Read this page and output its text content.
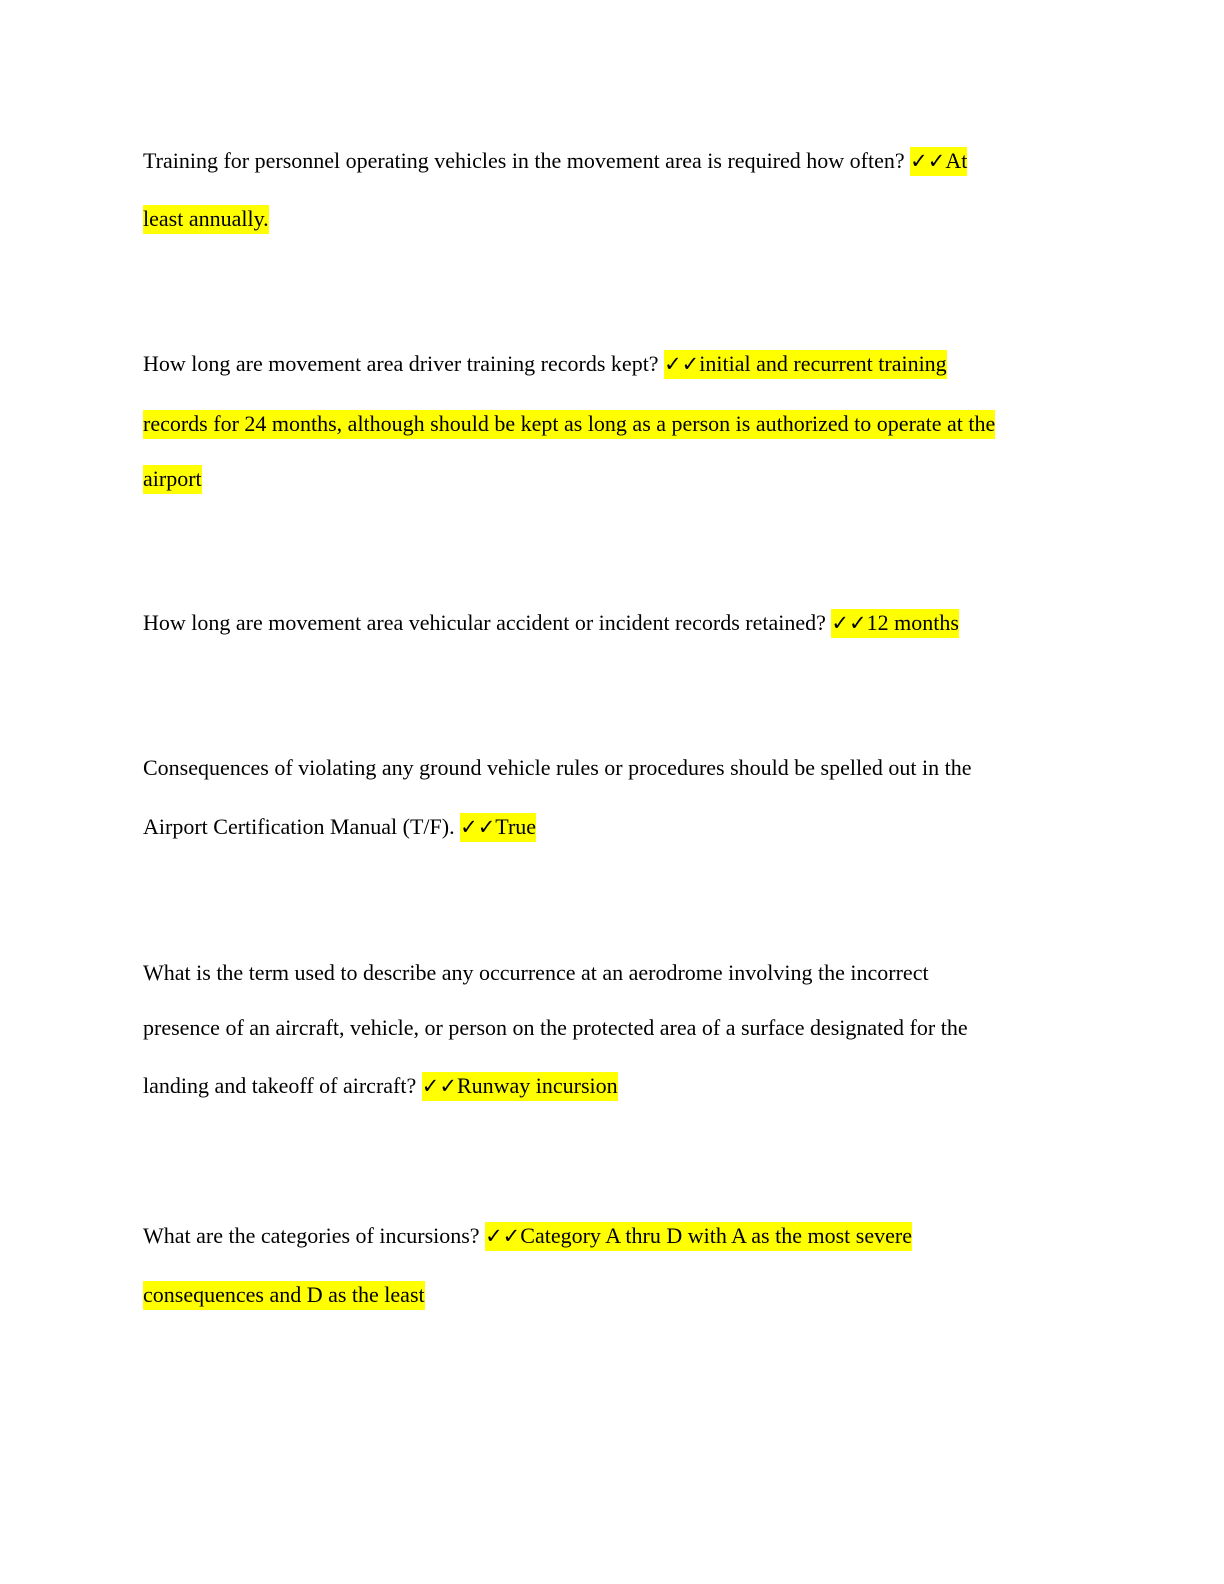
Training for personnel operating vehicles in the movement area is required how often? ✓✓At
least annually.
How long are movement area driver training records kept? ✓✓initial and recurrent training
records for 24 months, although should be kept as long as a person is authorized to operate at the
airport
How long are movement area vehicular accident or incident records retained? ✓✓12 months
Consequences of violating any ground vehicle rules or procedures should be spelled out in the
Airport Certification Manual (T/F). ✓✓True
What is the term used to describe any occurrence at an aerodrome involving the incorrect
presence of an aircraft, vehicle, or person on the protected area of a surface designated for the
landing and takeoff of aircraft? ✓✓Runway incursion
What are the categories of incursions? ✓✓Category A thru D with A as the most severe
consequences and D as the least
